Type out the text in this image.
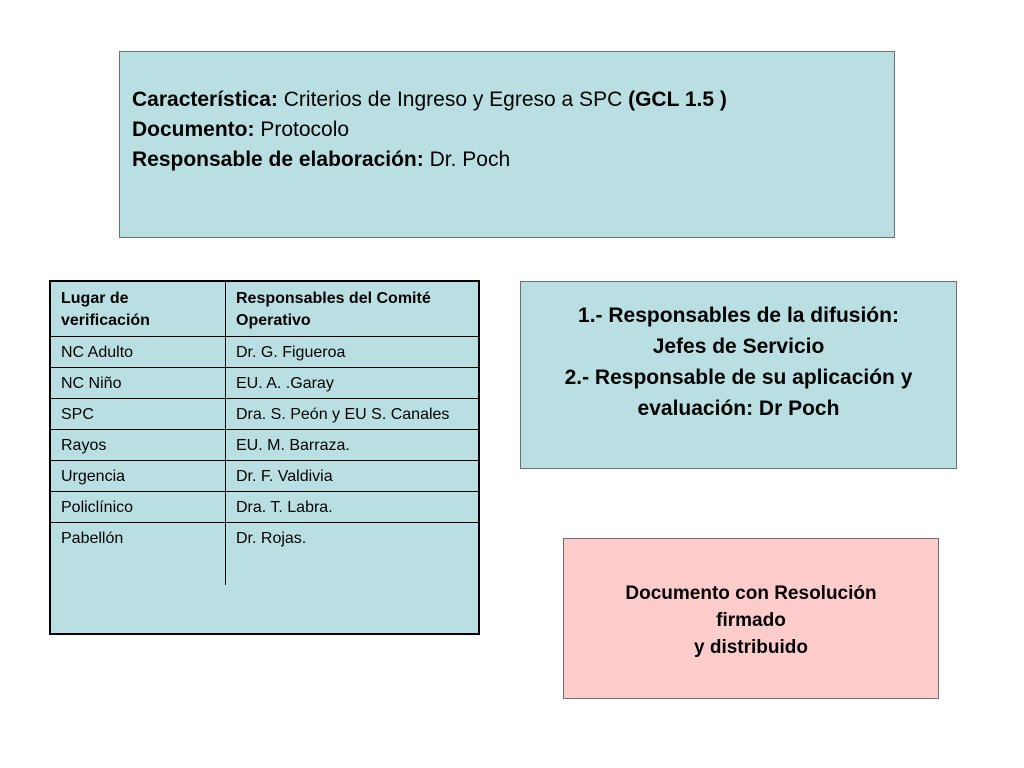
Característica: Criterios de Ingreso y Egreso a SPC (GCL 1.5 )
Documento: Protocolo
Responsable de elaboración: Dr. Poch
Lugar de verificación	Responsables del Comité Operativo
NC Adulto	Dr. G. Figueroa
NC Niño	EU. A. .Garay
SPC	Dra. S. Peón y EU S. Canales
Rayos	EU. M. Barraza.
Urgencia	Dr. F. Valdivia
Policlínico	Dra. T. Labra.
Pabellón	Dr. Rojas.
1.- Responsables de la difusión:
Jefes de Servicio
2.- Responsable de su aplicación y
evaluación: Dr Poch
Documento con Resolución
firmado
y distribuido
